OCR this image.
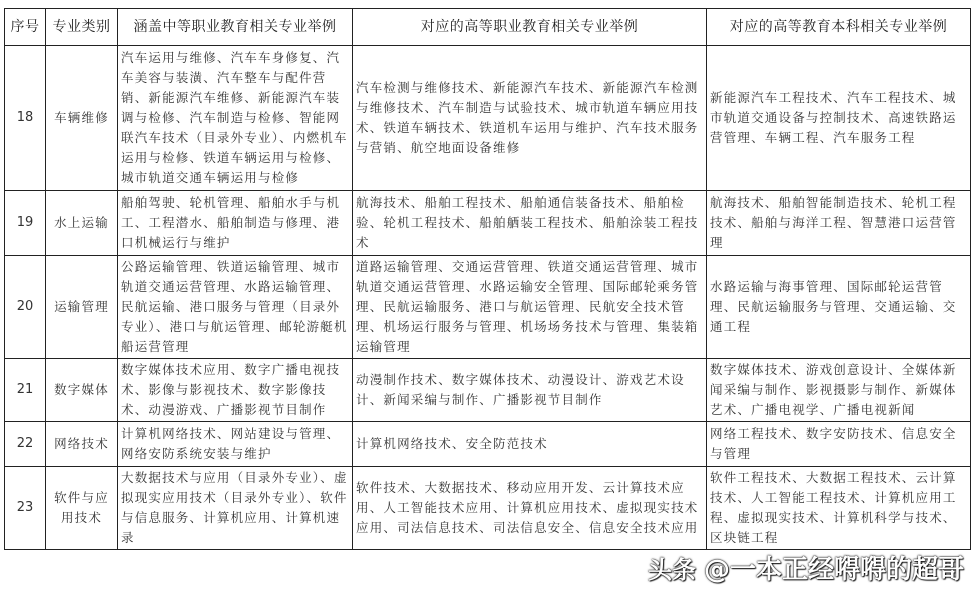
序号	专业类别	涵盖中等职业教育相关专业举例	对应的高等职业教育相关专业举例	对应的高等教育本科相关专业举例
18	车辆维修	汽车运用与维修、汽车车身修复、汽车美容与装潢、汽车整车与配件营销、新能源汽车维修、新能源汽车装调与检修、汽车制造与检修、智能网联汽车技术（目录外专业）、内燃机车运用与检修、铁道车辆运用与检修、城市轨道交通车辆运用与检修	汽车检测与维修技术、新能源汽车技术、新能源汽车检测与维修技术、汽车制造与试验技术、城市轨道车辆应用技术、铁道车辆技术、铁道机车运用与维护、汽车技术服务与营销、航空地面设备维修	新能源汽车工程技术、汽车工程技术、城市轨道交通设备与控制技术、高速铁路运营管理、车辆工程、汽车服务工程
19	水上运输	船舶驾驶、轮机管理、船舶水手与机工、工程潜水、船舶制造与修理、港口机械运行与维护	航海技术、船舶工程技术、船舶通信装备技术、船舶检验、轮机工程技术、船舶舾装工程技术、船舶涂装工程技术	航海技术、船舶智能制造技术、轮机工程技术、船舶与海洋工程、智慧港口运营管理
20	运输管理	公路运输管理、铁道运输管理、城市轨道交通运营管理、水路运输管理、民航运输、港口服务与管理（目录外专业）、港口与航运管理、邮轮游艇机船运营管理	道路运输管理、交通运营管理、铁道交通运营管理、城市轨道交通运营管理、水路运输安全管理、国际邮轮乘务管理、民航运输服务、港口与航运管理、民航安全技术管理、机场运行服务与管理、机场场务技术与管理、集装箱运输管理	水路运输与海事管理、国际邮轮运营管理、民航运输服务与管理、交通运输、交通工程
21	数字媒体	数字媒体技术应用、数字广播电视技术、影像与影视技术、数字影像技术、动漫游戏、广播影视节目制作	动漫制作技术、数字媒体技术、动漫设计、游戏艺术设计、新闻采编与制作、广播影视节目制作	数字媒体技术、游戏创意设计、全媒体新闻采编与制作、影视摄影与制作、新媒体艺术、广播电视学、广播电视新闻
22	网络技术	计算机网络技术、网站建设与管理、网络安防系统安装与维护	计算机网络技术、安全防范技术	网络工程技术、数字安防技术、信息安全与管理
23	软件与应用技术	大数据技术与应用（目录外专业）、虚拟现实应用技术（目录外专业）、软件与信息服务、计算机应用、计算机速录	软件技术、大数据技术、移动应用开发、云计算技术应用、人工智能技术应用、计算机应用技术、虚拟现实技术应用、司法信息技术、司法信息安全、信息安全技术应用	软件工程技术、大数据工程技术、云计算技术、人工智能工程技术、计算机应用工程、虚拟现实技术、计算机科学与技术、区块链工程
头条 @一本正经嘚嘚的超哥
